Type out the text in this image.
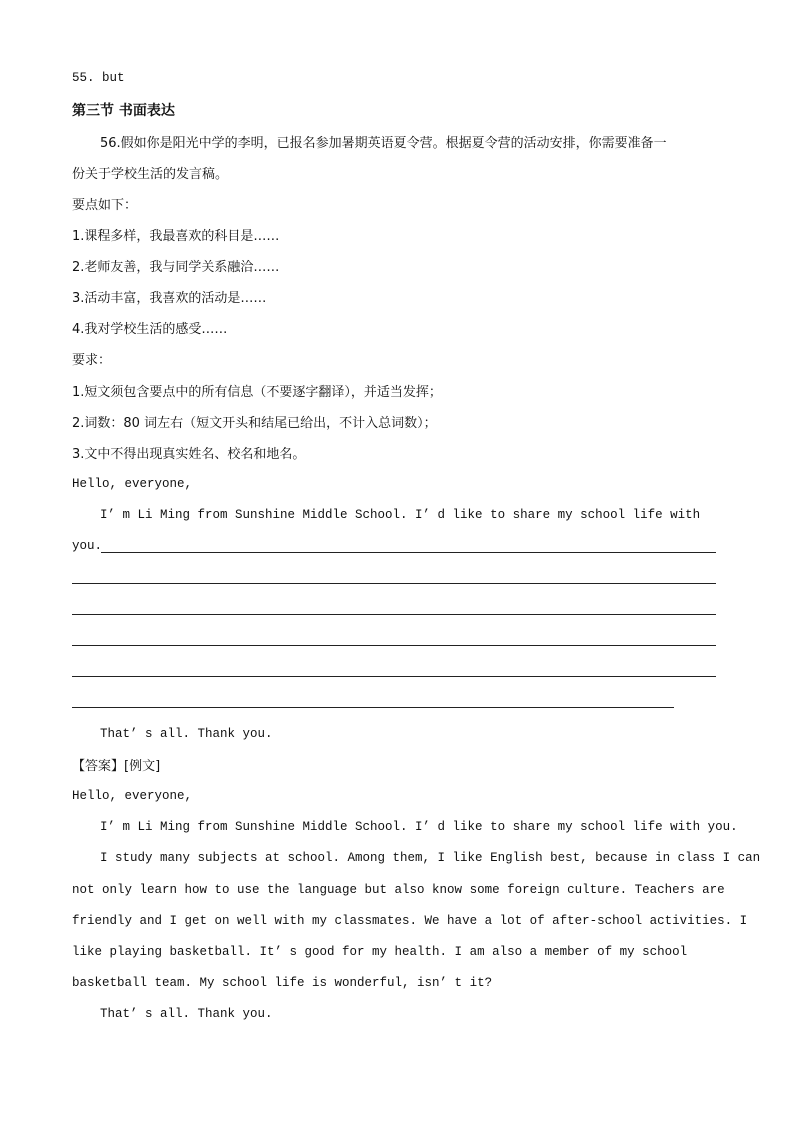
55. but
第三节 书面表达
56.假如你是阳光中学的李明，已报名参加暑期英语夏令营。根据夏令营的活动安排，你需要准备一
份关于学校生活的发言稿。
要点如下：
1.课程多样，我最喜欢的科目是……
2.老师友善，我与同学关系融洽……
3.活动丰富，我喜欢的活动是……
4.我对学校生活的感受……
要求：
1.短文须包含要点中的所有信息（不要逐字翻译），并适当发挥；
2.词数：80 词左右（短文开头和结尾已给出，不计入总词数）；
3.文中不得出现真实姓名、校名和地名。
Hello, everyone,
I’ m Li Ming from Sunshine Middle School. I’ d like to share my school life with
you.
That’ s all. Thank you.
【答案】[例文]
Hello, everyone,
I’ m Li Ming from Sunshine Middle School. I’ d like to share my school life with you.
I study many subjects at school. Among them, I like English best, because in class I can
not only learn how to use the language but also know some foreign culture. Teachers are
friendly and I get on well with my classmates. We have a lot of after-school activities. I
like playing basketball. It’ s good for my health. I am also a member of my school
basketball team. My school life is wonderful, isn’ t it?
That’ s all. Thank you.
